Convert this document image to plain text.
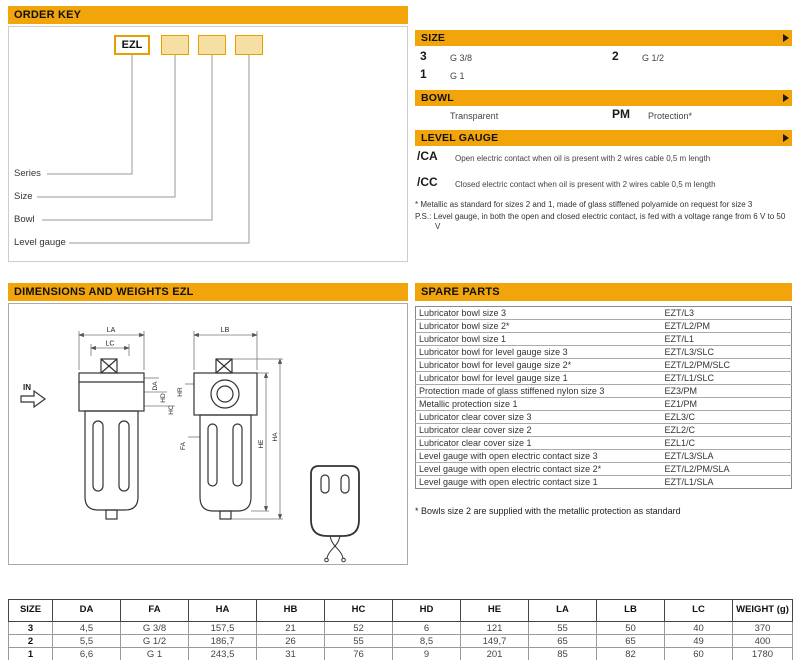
ORDER KEY
EZL
Series
Size
Bowl
Level gauge
SIZE
3	G 3/8	2	G 1/2
1	G 1
BOWL
Transparent	PM Protection*
LEVEL GAUGE
/CA Open electric contact when oil is present with 2 wires cable 0,5 m length
/CC Closed electric contact when oil is present with 2 wires cable 0,5 m length
* Metallic as standard for sizes 2 and 1, made of glass stiffened polyamide on request for size 3
P.S.: Level gauge, in both the open and closed electric contact, is fed with a voltage range from 6 V to 50 V
DIMENSIONS AND WEIGHTS EZL
LA
LC
LB
IN	DA
HD
HC
HR
FA	HE
HA
SPARE PARTS
Lubricator bowl size 3	EZT/L3
Lubricator bowl size 2*	EZT/L2/PM
Lubricator bowl size 1	EZT/L1
Lubricator bowl for level gauge size 3	EZT/L3/SLC
Lubricator bowl for level gauge size 2*	EZT/L2/PM/SLC
Lubricator bowl for level gauge size 1	EZT/L1/SLC
Protection made of glass stiffened nylon size 3	EZ3/PM
Metallic protection size 1	EZ1/PM
Lubricator clear cover size 3	EZL3/C
Lubricator clear cover size 2	EZL2/C
Lubricator clear cover size 1	EZL1/C
Level gauge with open electric contact size 3	EZT/L3/SLA
Level gauge with open electric contact size 2*	EZT/L2/PM/SLA
Level gauge with open electric contact size 1	EZT/L1/SLA
* Bowls size 2 are supplied with the metallic protection as standard
SIZE	DA	FA	HA	HB	HC	HD	HE	LA	LB	LC	WEIGHT (g)
3	4,5	G 3/8	157,5	21	52	6	121	55	50	40	370
2	5,5	G 1/2	186,7	26	55	8,5	149,7	65	65	49	400
1	6,6	G 1	243,5	31	76	9	201	85	82	60	1780
